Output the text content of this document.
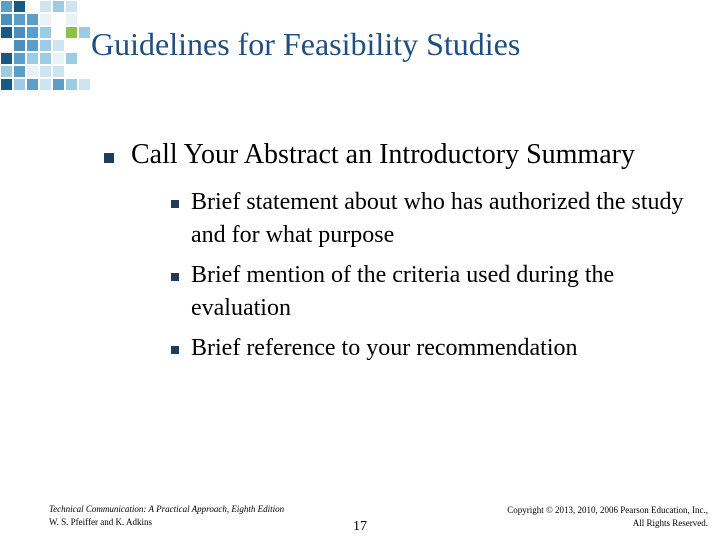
Guidelines for Feasibility Studies
Call Your Abstract an Introductory Summary
Brief statement about who has authorized the study and for what purpose
Brief mention of the criteria used during the evaluation
Brief reference to your recommendation
Technical Communication: A Practical Approach, Eighth Edition
W. S. Pfeiffer and K. Adkins	17
Copyright © 2013, 2010, 2006 Pearson Education, Inc.,
All Rights Reserved.
